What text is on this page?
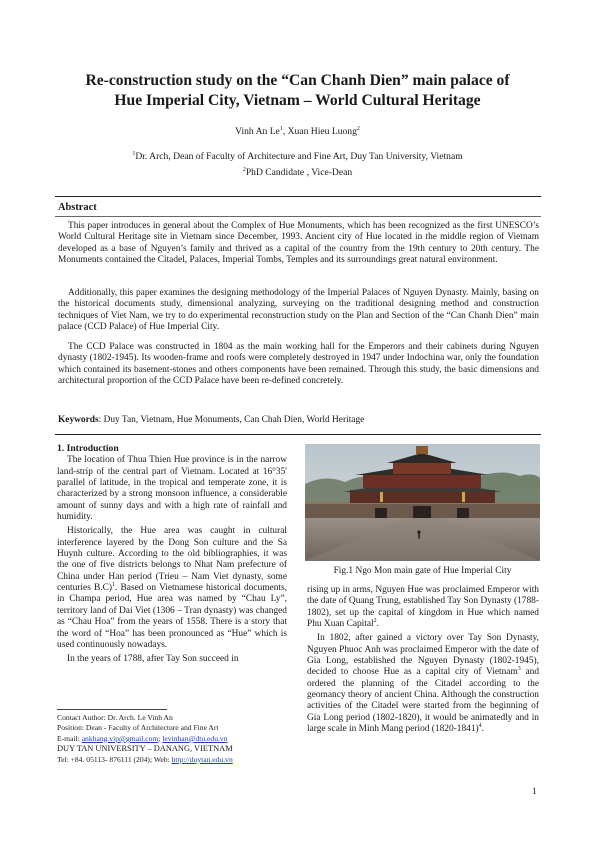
Re-construction study on the “Can Chanh Dien” main palace of
Hue Imperial City, Vietnam – World Cultural Heritage
Vinh An Le$^1$, Xuan Hieu Luong$^2$
$^1$Dr. Arch, Dean of Faculty of Architecture and Fine Art, Duy Tan University, Vietnam
$^2$PhD Candidate , Vice-Dean
Abstract

This paper introduces in general about the Complex of Hue Monuments, which has been recognized as the first UNESCO’s World Cultural Heritage site in Vietnam since December, 1993. Ancient city of Hue located in the middle region of Vietnam developed as a base of Nguyen’s family and thrived as a capital of the country from the 19th century to 20th century. The Monuments contained the Citadel, Palaces, Imperial Tombs, Temples and its surroundings great natural environment.

Additionally, this paper examines the designing methodology of the Imperial Palaces of Nguyen Dynasty. Mainly, basing on the historical documents study, dimensional analyzing, surveying on the traditional designing method and construction techniques of Viet Nam, we try to do experimental reconstruction study on the Plan and Section of the “Can Chanh Dien” main palace (CCD Palace) of Hue Imperial City.

The CCD Palace was constructed in 1804 as the main working hall for the Emperors and their cabinets during Nguyen dynasty (1802-1945). Its wooden-frame and roofs were completely destroyed in 1947 under Indochina war, only the foundation which contained its basement-stones and others components have been remained. Through this study, the basic dimensions and architectural proportion of the CCD Palace have been re-defined concretely.

Keywords: Duy Tan, Vietnam, Hue Monuments, Can Chah Dien, World Heritage
1. Introduction

The location of Thua Thien Hue province is in the narrow land-strip of the central part of Vietnam. Located at 16°35' parallel of latitude, in the tropical and temperate zone, it is characterized by a strong monsoon influence, a considerable amount of sunny days and with a high rate of rainfall and humidity.

Historically, the Hue area was caught in cultural interference layered by the Dong Son culture and the Sa Huynh culture. According to the old bibliographies, it was the one of five districts belongs to Nhat Nam prefecture of China under Han period (Trieu – Nam Viet dynasty, some centuries B.C)$^1$. Based on Vietnamese historical documents, in Champa period, Hue area was named by “Chau Ly”, territory land of Dai Viet (1306 – Tran dynasty) was changed as “Chau Hoa” from the years of 1558. There is a story that the word of “Hoa” has been pronounced as “Hue” which is used continuously nowadays.

In the years of 1788, after Tay Son succeed in

Contact Author: Dr. Arch. Le Vinh An
Position: Dean - Faculty of Architecture and Fine Art
E-mail: ankhang.vip@gmail.com; levinhan@dtu.edu.vn
DUY TAN UNIVERSITY – DANANG, VIETNAM
Tel: +84. 05113- 876111 (204); Web: http://duytan.edu.vn
Fig.1 Ngo Mon main gate of Hue Imperial City

rising up in arms, Nguyen Hue was proclaimed Emperor with the date of Quang Trung, established Tay Son Dynasty (1788-1802), set up the capital of kingdom in Hue which named Phu Xuan Capital$^2$.

In 1802, after gained a victory over Tay Son Dynasty, Nguyen Phuoc Anh was proclaimed Emperor with the date of Gia Long, established the Nguyen Dynasty (1802-1945), decided to choose Hue as a capital city of Vietnam$^3$ and ordered the planning of the Citadel according to the geomancy theory of ancient China. Although the construction activities of the Citadel were started from the beginning of Gia Long period (1802-1820), it would be animatedly and in large scale in Minh Mang period (1820-1841)$^4$.

1
